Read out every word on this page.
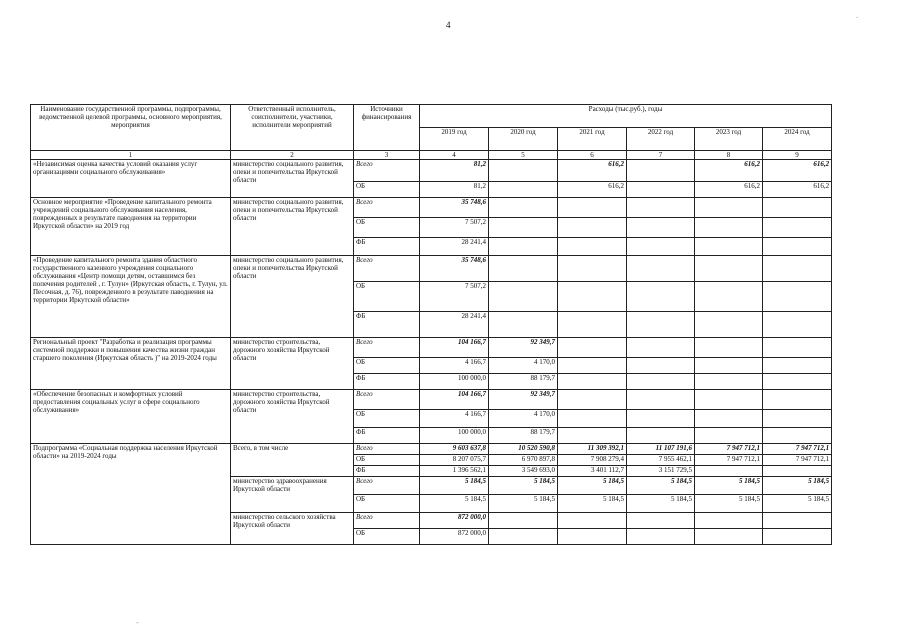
4
.
-
Наименование государственной программы, подпрограммы, ведомственной целевой программы, основного мероприятия, мероприятия	Ответственный исполнитель, соисполнители, участники, исполнители мероприятий	Источники финансирования	Расходы (тыс.руб.), годы					
			2019 год	2020 год	2021 год	2022 год	2023 год	2024 год
1	2	3	4	5	6	7	8	9
«Независимая оценка качества условий оказания услуг организациями социального обслуживания»	министерство социального развития, опеки и попечительства Иркутской области	Всего	81,2		616,2		616,2	616,2
		ОБ	81,2		616,2		616,2	616,2
Основное мероприятие «Проведение капитального ремонта учреждений социального обслуживания населения, поврежденных в результате паводнения на территории Иркутской области» на 2019 год	министерство социального развития, опеки и попечительства Иркутской области	Всего	35 748,6					
		ОБ	7 507,2					
		ФБ	28 241,4					
«Проведение капитального ремонта здания областного государственного казенного учреждения социального обслуживания «Центр помощи детям, оставшимся без попечения родителей , г. Тулун» (Иркутская область, г. Тулун, ул. Песочная, д. 76), поврежденного в результате паводнения на территории Иркутской области»	министерство социального развития, опеки и попечительства Иркутской области	Всего	35 748,6					
		ОБ	7 507,2					
		ФБ	28 241,4					
Региональный проект "Разработка и реализация программы системной поддержки и повышения качества жизни граждан старшего поколения (Иркутская область )" на 2019-2024 годы	министерство строительства, дорожного хозяйства Иркутской области	Всего	104 166,7	92 349,7				
		ОБ	4 166,7	4 170,0				
		ФБ	100 000,0	88 179,7				
«Обеспечение безопасных и комфортных условий предоставления социальных услуг в сфере социального обслуживания»	министерство строительства, дорожного хозяйства Иркутской области	Всего	104 166,7	92 349,7				
		ОБ	4 166,7	4 170,0				
		ФБ	100 000,0	88 179,7				
Подпрограмма «Социальная поддержка населения Иркутской области» на 2019-2024 годы	Всего, в том числе	Всего	9 603 637,8	10 520 590,8	11 309 392,1	11 107 191,6	7 947 712,1	7 947 712,1
		ОБ	8 207 075,7	6 970 897,8	7 908 279,4	7 955 462,1	7 947 712,1	7 947 712,1
		ФБ	1 396 562,1	3 549 693,0	3 401 112,7	3 151 729,5		
	министерство здравоохранения Иркутской области	Всего	5 184,5	5 184,5	5 184,5	5 184,5	5 184,5	5 184,5
		ОБ	5 184,5	5 184,5	5 184,5	5 184,5	5 184,5	5 184,5
	министерство сельского хозяйства Иркутской области	Всего	872 000,0					
		ОБ	872 000,0					
